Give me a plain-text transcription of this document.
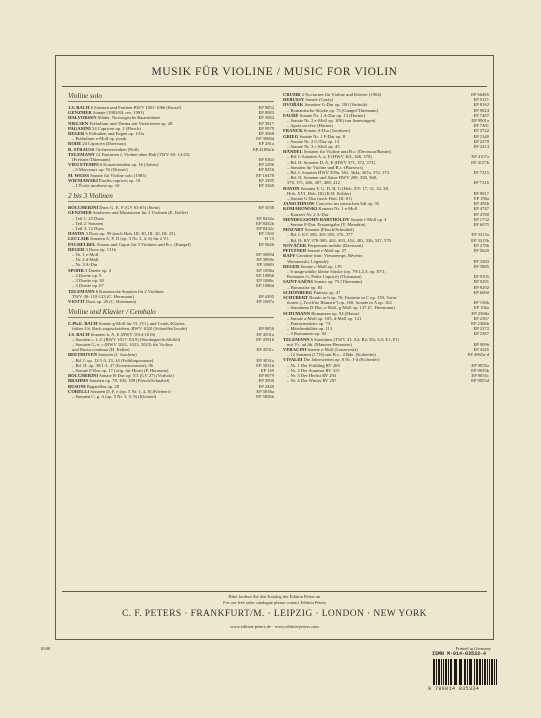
MUSIK FÜR VIOLINE / MUSIC FOR VIOLIN
Violine solo
J.S. BACH 6 Sonaten und Partiten BWV 1001-1006 (Rostal)	EP 9852
GENZMER Sonate (1983/84, rev. 1991)	EP 8083
HALVORSEN Slåtter, Norwegische Bauerntänze	EP 3083
NIELSEN Präludium und Thema mit Variationen op. 48	EP 3817
PAGANINI 24 Capricen op. 1 (Flesch)	EP 9979
REGER 6 Präludien und Fugen op. 131a	EP 3968
– Präludium e-Moll op. posth.	EP 3968d
RODE 24 Capricen (Davisson)	EP 281a
R. STRAUSS Orchesterstudien (Prill)	EP 4189a/b
TELEMANN 12 Fantasien f. Violine ohne Baß (TWV 40: 14-25)
(Frelsner/Thiemann)	EP 9363
VIEUXTEMPS 6 Konzertetüden op. 16 (Arbós)	EP 2296
– 6 Morceaux op. 55 (Drisser)	EP 8356
M. WEISS Sonate für Violine solo (1985)	EP 10478
WIENIAWSKI Etudes caprices op. 18	EP 3395
– L'École moderne op. 10	EP 3368
2 bis 3 Violinen
BOCCHERINI Duos G, E, F (GV 63-65) (Stein)	EP 3538
GENZMER Studieren und Musizieren für 2 Violinen (E. Keller)
– Teil 1: 25 Duos	EP 8432a
– Teil 2: Sonaten	EP 8432b
– Teil 3: 12 Duos	EP 8432c
HAYDN 3 Duos op. 99 (nach Hob. III: 40, III: 20, III: 25)	EP 1303
LECLAIR Sonaten A, F, D (op. 3 Nr. 2, 4, 6) für 2 Vl.	H 15
PACHELBEL Kanon und Gigue für 3 Violinen und B.c. (Kangel)	EP 9846
REGER 3 Duos op. 131b
– Nr. 1 e-Moll	EP 3969d
– Nr. 2 d-Moll	EP 3969e
– Nr. 3 A-Dur	EP 3969f
SPOHR 3 Duette op. 3	EP 1086a
– 2 Duette op. 9	EP 1086b
– 3 Duette op. 39	EP 1086c
– 3 Duette op. 67	EP 1086d
TELEMANN 6 Kanonische Sonaten für 2 Violinen
TWV 40: 118-123 (C. Herrmann)	EP 4395
VIOTTI Duos op. 29 (C. Herrmann)	EP 1087a
Violine und Klavier / Cembalo
C.Ph.E. BACH Sonate g-Moll für Vl. (Vl.) und Cemb./Klavier,
früher J.S. Bach zugeschrieben, BWV 1020 (Schaeffer/Jacobi)	EP 9856
J.S. BACH Sonaten h, A, E (BWV 1014-1016)	EP 4591a
– Sonaten c, f, G (BWV 1017-1019) (Stenhagen/Schlöffel)	EP 4591b
– Sonaten G, e, c (BWV 1021, 1023, 1023) für Violine
und Basso continuo (H. Keller)	EP 4591c
BEETHOVEN Sonaten (J. Joachim)
– Bd. I: op. 12/1-3, 23, 24 (Frühlingssonate)	EP 3031a
– Bd. II: op. 30/1-3, 47 (Kreutzersonate), 96	EP 3031b
– Sonate F-Dur op. 17 (orig. für Horn) (P. Hermann)	EP 149
BOCCHERINI Sonate B-Dur op. 5/3 (GV 27) (Vorholz)	EP 8079
BRAHMS Sonaten op. 78, 100, 108 (Flesch/Schnabel)	EP 3900
BUSONI Bagatellen op. 28	EP 2449
CORELLI Sonaten D, F, e (op. 5 Nr. 1, 4, 8) (Kleinert)	EP 5856a
– Sonaten C, g, A (op. 5 Nr. 3, 5, 9) (Kleinert)	EP 5856b
CRUMB 4 Nocturnes für Violine und Klavier (1964)	EP 66465
DEBUSSY Sonate (Garay)	EP 9121
DVOŘÁK Sonatine G-Dur op. 100 (Vorholz)	EP 8162
– Romantische Stücke op. 75 (Gangel/Thiemann)	EP 9824
FAURÉ Sonate Nr. 1 A-Dur op. 13 (Horner)	EP 7487
– Sonate Nr. 2 e-Moll op. 108 (van Amerongen)	EP 9901a
– Après un rêve (Horner)	EP 7481
FRANCK Sonate A-Dur (Jacobsen)	EP 3742
GRIEG Sonate Nr. 1 F-Dur op. 8	EP 1340
– Sonate Nr. 2 G-Dur op. 13	EP 2279
– Sonate Nr. 3 c-Moll op. 45	EP 2414
HÄNDEL Sonaten für Violine und B.c. (Davisson/Ramin)
– Bd. I: Sonaten A, a, F (HWV 361, 368, 370)	EP 4157a
– Bd. II: Sonaten D, A, E (HWV 371, 372, 373)	EP 4157b
– Sonaten für Violine und B.c. (Burrows)
– Bd. I: Sonaten HWV 359a, 361, 364a, 367a, 372, 373	EP 7315
– Bd. II: Sonaten und Sätze HWV 288, 358, 368,
370, 371, 406, 407, 408, 412	EP 7316
HAYDN Sonaten F, G, D, B, G (Hob. XV: 17, 31, 32, 38,
Hob. XVI, Hob. III) (K.H. Köhler)	EP 9017
– Sonate G-Dur (nach Hob. III: 81)	EP 190a
JANSCHINOW Concerto im russischen Stil op. 35	EP 4566
KOMAROWSKI Konzert Nr. 1 e-Moll	EP 4747
– Konzert Nr. 2 A-Dur	EP 4780
MENDELSSOHN BARTHOLDY Sonate f-Moll op. 4	EP 1732
– Sonate F-Dur, Erstausgabe (Y. Menuhin)	EP 6075
MOZART Sonaten (Flesch/Schnabel)
– Bd. I: KV 296, 301-305, 376, 377	EP 3315a
– Bd. II: KV 378-380, 402, 403, 454, 481, 526, 547, 570	EP 3315b
NOVÁČEK Perpetuum mobile (Davisson)	EP 2786
PFITZNER Sonate e-Moll op. 27	EP 5620
RAFF Cavatine (mit: Vieuxtemps, Rêverie,
Wieniawski, Legende)	EP 3383
REGER Sonate c-Moll op. 139	EP 3985
– 6 ausgewählte kleine Stücke (op. 79/1,2,3; op. 87/1;
Romanze G; Petite Caprice) (Thiemann)	EP 9105
SAINT-SAËNS Sonate op. 75 (Thiemann)	EP 9291
– Havanaise op. 83	EP 9292
SCHÖNBERG Fantasy op. 47	EP 6060
SCHUBERT Rondo in h op. 70; Fantasie in C op. 159; Varia-
tionen („Trock'ne Blumen") op. 160; Sonate in A op. 162	EP 156b
– Sonatinen D-Dur, a-Moll, g-Moll op. 137 (C. Herrmann)	EP 156a
SCHUMANN Romanzen op. 94 (Mainz)	EP 2368a
– Sonate a-Moll op. 105, d-Moll op. 121	EP 2367
– Fantasiestücke op. 73	EP 2366b
– Märchenbilder op. 113	EP 2372
– 3 Romanzen op. 94	EP 2387
TELEMANN 6 Sonatinen (TWV 41: A2; B2; D2; G3; E1; F1)
mit Vc. ad lib. (Mauerer/Bernstein)	EP 9096
VERACINI Sonate e-Moll (Lenzewski)	EP 4345
– 12 Sonaten (1716) mit B.c., 4 Bde. (Kolneder)	EP 4965a-d
VIVALDI Die Jahreszeiten op. 8 Nr. 1-4 (Kolneder)
– Nr. 1 Der Frühling RV 269	EP 9055a
– Nr. 2 Der Sommer RV 315	EP 9055b
– Nr. 3 Der Herbst RV 293	EP 9055c
– Nr. 4 Der Winter RV 297	EP 9055d
Bitte fordern Sie den Katalog der Edition Peters an
For our free sales catalogue please contact Edition Peters
C. F. PETERS · FRANKFURT/M. · LEIPZIG · LONDON · NEW YORK
www.edition-peters.de · www.edition-peters.com
10/00	Printed in Germany
ISMN M-014-03533-4
9 790014 035334
